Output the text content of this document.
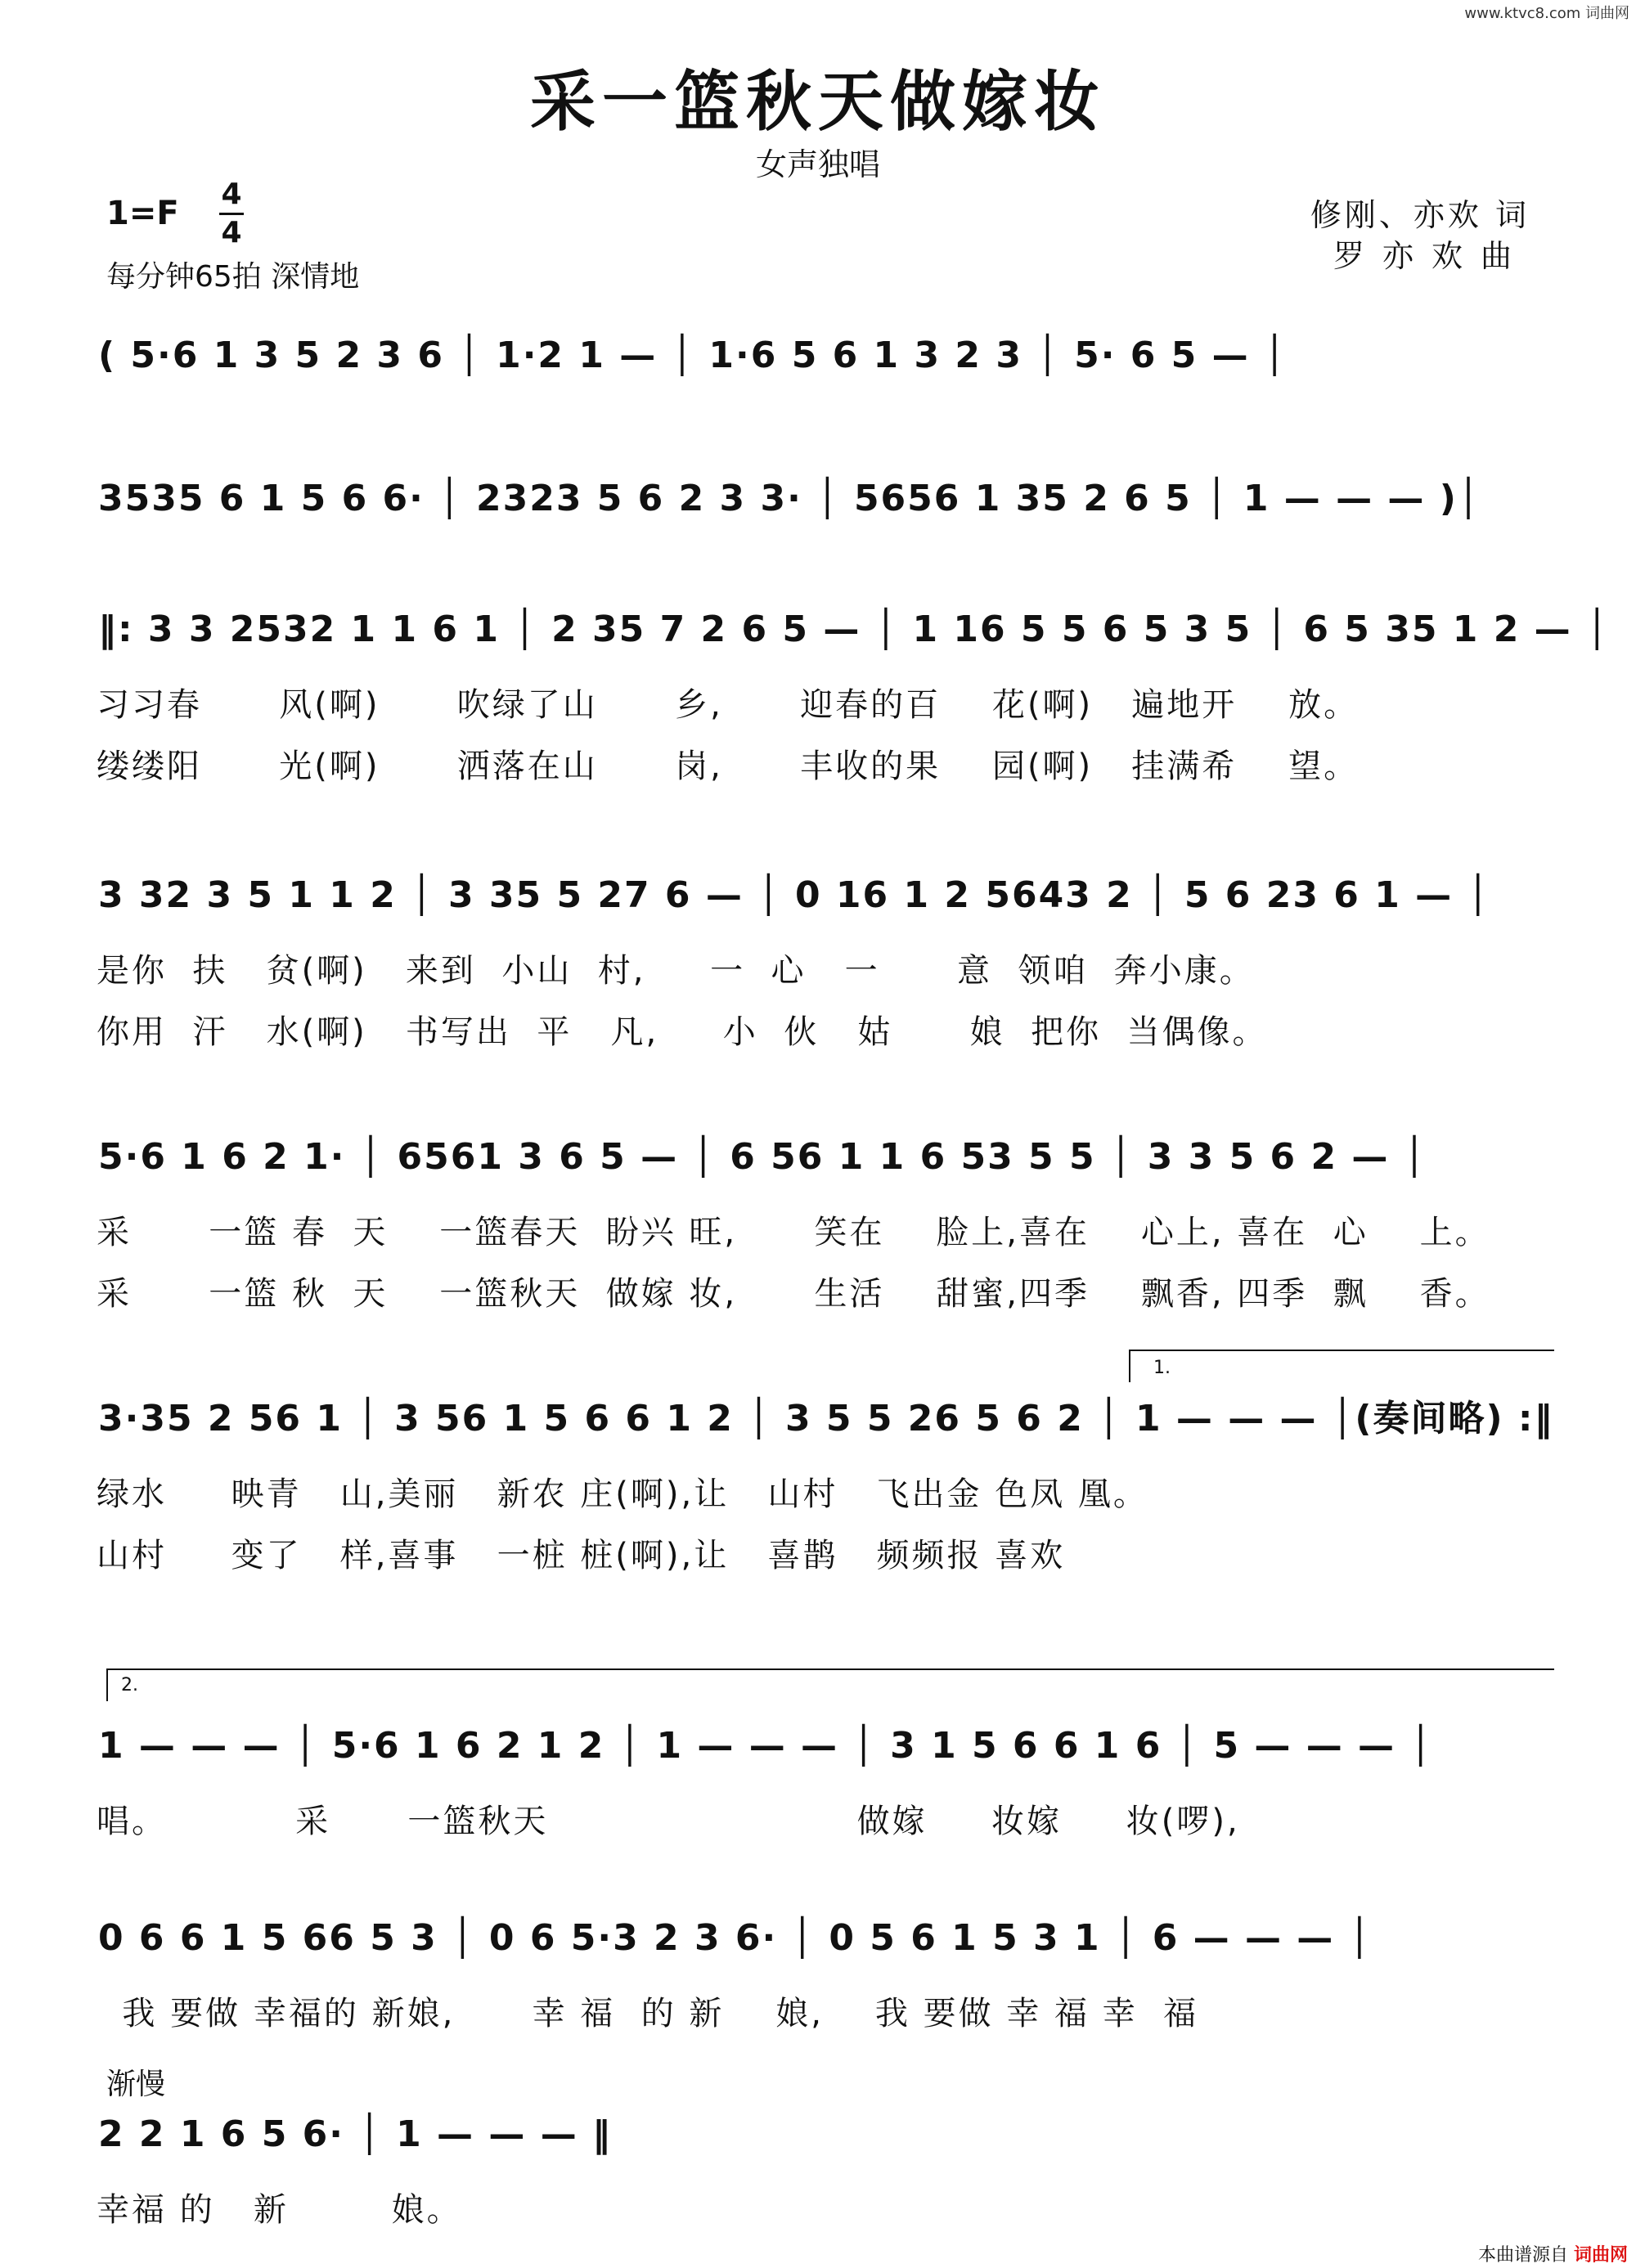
www.ktvc8.com 词曲网
采一篮秋天做嫁妆
女声独唱
1=F
4
4
每分钟65拍 深情地
修刚、亦欢 词
罗亦欢曲
( 5·6 1 3 5 2 3 6 │ 1·2 1 — │ 1·6 5 6 1 3 2 3 │ 5· 6 5 — │
3535 6 1 5 6 6· │ 2323 5 6 2 3 3· │ 5656 1 35 2 6 5 │ 1 — — — )│
‖: 3 3 2532 1 1 6 1 │ 2 35 7 2 6 5 — │ 1 16 5 5 6 5 3 5 │ 6 5 35 1 2 — │
习习春      风(啊)      吹绿了山      乡,      迎春的百    花(啊)   遍地开    放。
缕缕阳      光(啊)      洒落在山      岗,      丰收的果    园(啊)   挂满希    望。
3 32 3 5 1 1 2 │ 3 35 5 27 6 — │ 0 16 1 2 5643 2 │ 5 6 23 6 1 — │
是你  扶   贫(啊)   来到  小山  村,     一  心   一      意  领咱  奔小康。
你用  汗   水(啊)   书写出  平   凡,     小  伙   姑      娘  把你  当偶像。
5·6 1 6 2 1· │ 6561 3 6 5 — │ 6 56 1 1 6 53 5 5 │ 3 3 5 6 2 — │
采      一篮 春  天    一篮春天  盼兴 旺,      笑在    脸上,喜在    心上, 喜在  心    上。
采      一篮 秋  天    一篮秋天  做嫁 妆,      生活    甜蜜,四季    飘香, 四季  飘    香。
1.
3·35 2 56 1 │ 3 56 1 5 6 6 1 2 │ 3 5 5 26 5 6 2 │ 1 — — — │(奏间略) :‖
绿水     映青   山,美丽   新农 庄(啊),让   山村   飞出金 色凤 凰。
山村     变了   样,喜事   一桩 桩(啊),让   喜鹊   频频报 喜欢
2.
1 — — — │ 5·6 1 6 2 1 2 │ 1 — — — │ 3 1 5 6 6 1 6 │ 5 — — — │
唱。          采      一篮秋天                        做嫁     妆嫁     妆(啰),
0 6 6 1 5 66 5 3 │ 0 6 5·3 2 3 6· │ 0 5 6 1 5 3 1 │ 6 — — — │
我 要做 幸福的 新娘,      幸 福  的 新    娘,    我 要做 幸 福 幸  福
渐慢
2 2 1 6 5 6· │ 1 — — — ‖
幸福 的   新        娘。
本曲谱源自 词曲网
